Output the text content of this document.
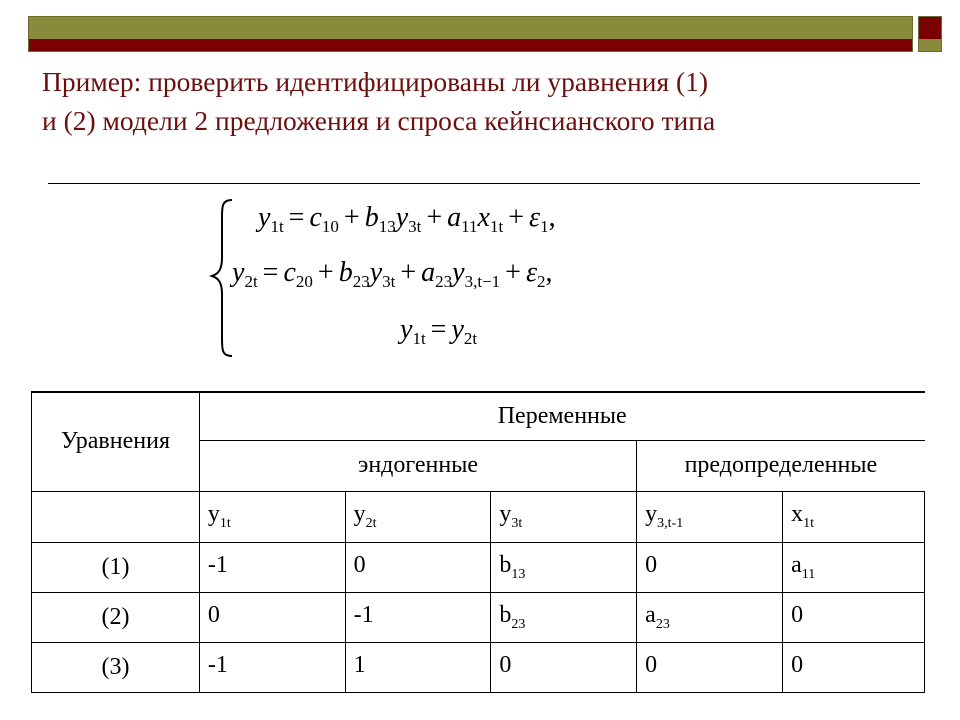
Пример: проверить идентифицированы ли уравнения (1)
и (2) модели 2 предложения и спроса кейнсианского типа
$y_{1t} = c_{10} + b_{13}y_{3t} + a_{11}x_{1t} + \varepsilon_1$,
$y_{2t} = c_{20} + b_{23}y_{3t} + a_{23}y_{3,t-1} + \varepsilon_2$,
$y_{1t} = y_{2t}$
Уравнения	Переменные				
	эндогенные			предопределенные	
	$y_{1t}$	$y_{2t}$	$y_{3t}$	$y_{3,t-1}$	$x_{1t}$
(1)	-1	0	$b_{13}$	0	$a_{11}$
(2)	0	-1	$b_{23}$	$a_{23}$	0
(3)	-1	1	0	0	0
